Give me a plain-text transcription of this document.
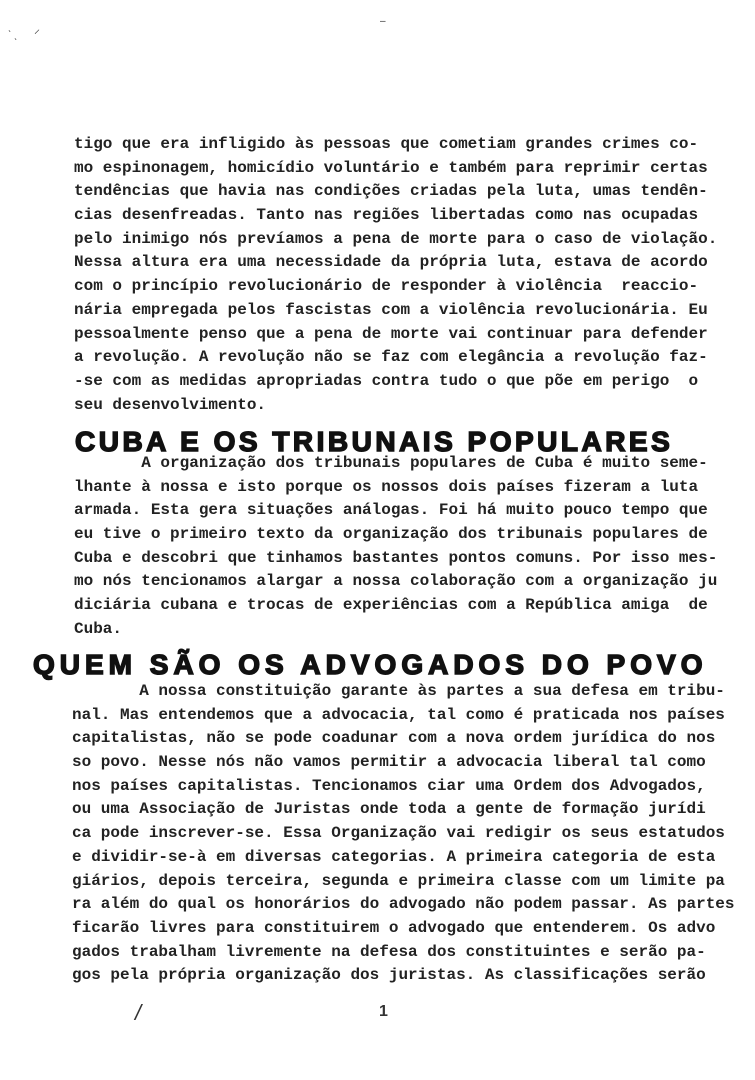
ˋ ˎ ⸝
–
tigo que era infligido às pessoas que cometiam grandes crimes co-
mo espinonagem, homicídio voluntário e também para reprimir certas
tendências que havia nas condições criadas pela luta, umas tendên-
cias desenfreadas. Tanto nas regiões libertadas como nas ocupadas
pelo inimigo nós prevíamos a pena de morte para o caso de violação.
Nessa altura era uma necessidade da própria luta, estava de acordo
com o princípio revolucionário de responder à violência  reaccio-
nária empregada pelos fascistas com a violência revolucionária. Eu
pessoalmente penso que a pena de morte vai continuar para defender
a revolução. A revolução não se faz com elegância a revolução faz-
-se com as medidas apropriadas contra tudo o que põe em perigo  o
seu desenvolvimento.
CUBA E OS TRIBUNAIS POPULARES
A organização dos tribunais populares de Cuba é muito seme-
lhante à nossa e isto porque os nossos dois países fizeram a luta
armada. Esta gera situações análogas. Foi há muito pouco tempo que
eu tive o primeiro texto da organização dos tribunais populares de
Cuba e descobri que tinhamos bastantes pontos comuns. Por isso mes-
mo nós tencionamos alargar a nossa colaboração com a organização ju
diciária cubana e trocas de experiências com a República amiga  de
Cuba.
QUEM SÃO OS ADVOGADOS DO POVO
A nossa constituição garante às partes a sua defesa em tribu-
nal. Mas entendemos que a advocacia, tal como é praticada nos países
capitalistas, não se pode coadunar com a nova ordem jurídica do nos
so povo. Nesse nós não vamos permitir a advocacia liberal tal como
nos países capitalistas. Tencionamos ciar uma Ordem dos Advogados,
ou uma Associação de Juristas onde toda a gente de formação jurídi
ca pode inscrever-se. Essa Organização vai redigir os seus estatudos
e dividir-se-à em diversas categorias. A primeira categoria de esta
giários, depois terceira, segunda e primeira classe com um limite pa
ra além do qual os honorários do advogado não podem passar. As partes
ficarão livres para constituirem o advogado que entenderem. Os advo
gados trabalham livremente na defesa dos constituintes e serão pa-
gos pela própria organização dos juristas. As classificações serão
/	1
